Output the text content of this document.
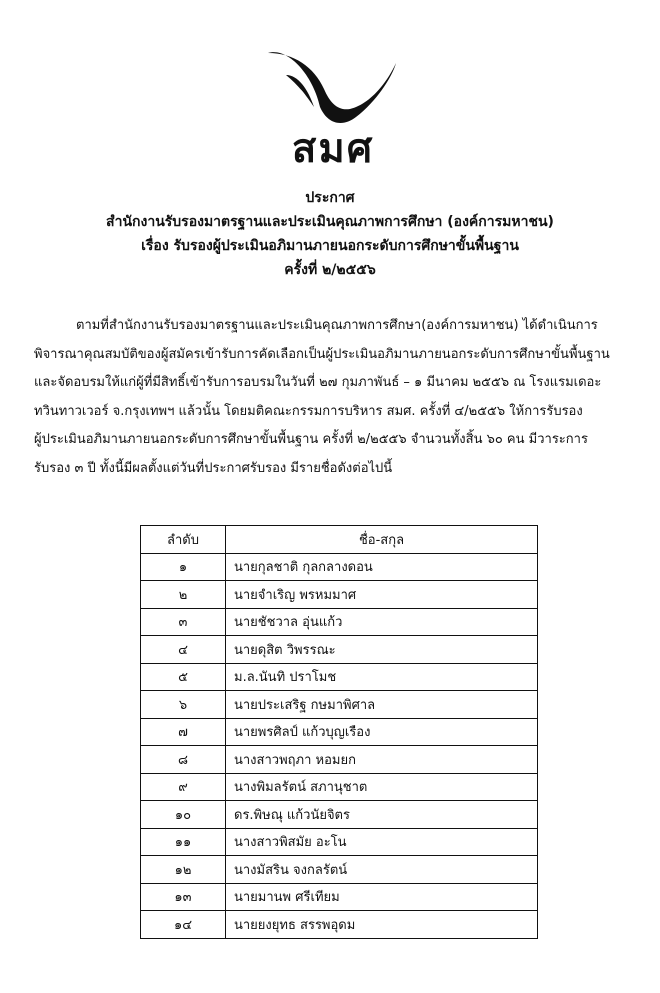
สมศ
ประกาศ
สำนักงานรับรองมาตรฐานและประเมินคุณภาพการศึกษา (องค์การมหาชน)
เรื่อง รับรองผู้ประเมินอภิมานภายนอกระดับการศึกษาขั้นพื้นฐาน
ครั้งที่ ๒/๒๕๕๖
ตามที่สำนักงานรับรองมาตรฐานและประเมินคุณภาพการศึกษา(องค์การมหาชน) ได้ดำเนินการ
พิจารณาคุณสมบัติของผู้สมัครเข้ารับการคัดเลือกเป็นผู้ประเมินอภิมานภายนอกระดับการศึกษาขั้นพื้นฐาน
และจัดอบรมให้แก่ผู้ที่มีสิทธิ์เข้ารับการอบรมในวันที่ ๒๗ กุมภาพันธ์ – ๑ มีนาคม ๒๕๕๖ ณ โรงแรมเดอะ
ทวินทาวเวอร์ จ.กรุงเทพฯ แล้วนั้น โดยมติคณะกรรมการบริหาร สมศ. ครั้งที่ ๔/๒๕๕๖ ให้การรับรอง
ผู้ประเมินอภิมานภายนอกระดับการศึกษาขั้นพื้นฐาน ครั้งที่ ๒/๒๕๕๖ จำนวนทั้งสิ้น ๖๐ คน มีวาระการ
รับรอง ๓ ปี ทั้งนี้มีผลตั้งแต่วันที่ประกาศรับรอง มีรายชื่อดังต่อไปนี้
ลำดับ	ชื่อ-สกุล
๑	นายกุลชาติ กุลกลางดอน
๒	นายจำเริญ พรหมมาศ
๓	นายชัชวาล อุ่นแก้ว
๔	นายดุสิต วิพรรณะ
๕	ม.ล.นันทิ ปราโมช
๖	นายประเสริฐ กษมาพิศาล
๗	นายพรศิลป์ แก้วบุญเรือง
๘	นางสาวพฤภา หอมยก
๙	นางพิมลรัตน์ สภานุชาต
๑๐	ดร.พิษณุ แก้วนัยจิตร
๑๑	นางสาวพิสมัย อะโน
๑๒	นางมัสริน จงกลรัตน์
๑๓	นายมานพ ศรีเทียม
๑๔	นายยงยุทธ สรรพอุดม
